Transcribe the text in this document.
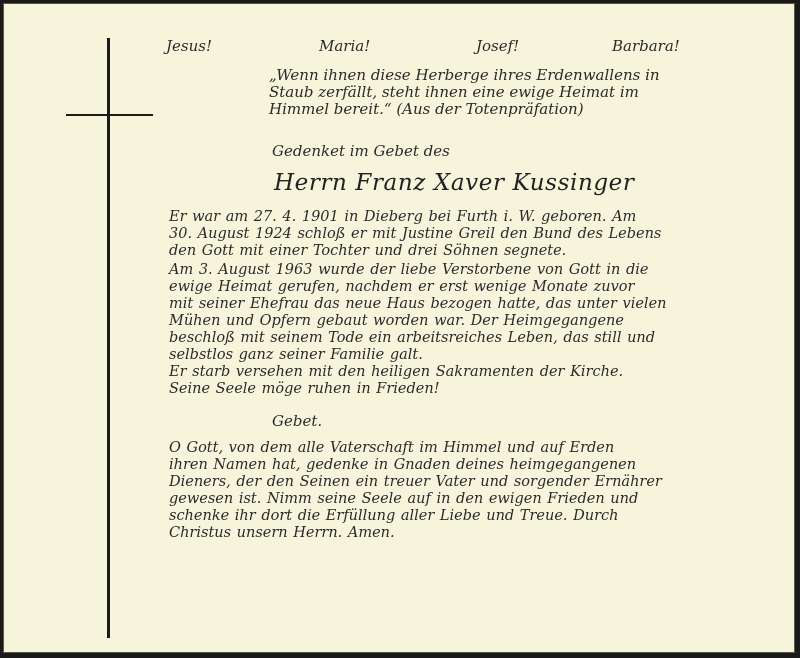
Jesus!	Maria!	Josef!	Barbara!
„Wenn ihnen diese Herberge ihres Erdenwallens in
Staub zerfällt, steht ihnen eine ewige Heimat im
Himmel bereit.“ (Aus der Totenpräfation)
Gedenket im Gebet des
Herrn Franz Xaver Kussinger
Er war am 27. 4. 1901 in Dieberg bei Furth i. W. geboren. Am
30. August 1924 schloß er mit Justine Greil den Bund des Lebens
den Gott mit einer Tochter und drei Söhnen segnete.
Am 3. August 1963 wurde der liebe Verstorbene von Gott in die
ewige Heimat gerufen, nachdem er erst wenige Monate zuvor
mit seiner Ehefrau das neue Haus bezogen hatte, das unter vielen
Mühen und Opfern gebaut worden war. Der Heimgegangene
beschloß mit seinem Tode ein arbeitsreiches Leben, das still und
selbstlos ganz seiner Familie galt.
Er starb versehen mit den heiligen Sakramenten der Kirche.
Seine Seele möge ruhen in Frieden!
Gebet.
O Gott, von dem alle Vaterschaft im Himmel und auf Erden
ihren Namen hat, gedenke in Gnaden deines heimgegangenen
Dieners, der den Seinen ein treuer Vater und sorgender Ernährer
gewesen ist. Nimm seine Seele auf in den ewigen Frieden und
schenke ihr dort die Erfüllung aller Liebe und Treue. Durch
Christus unsern Herrn. Amen.
